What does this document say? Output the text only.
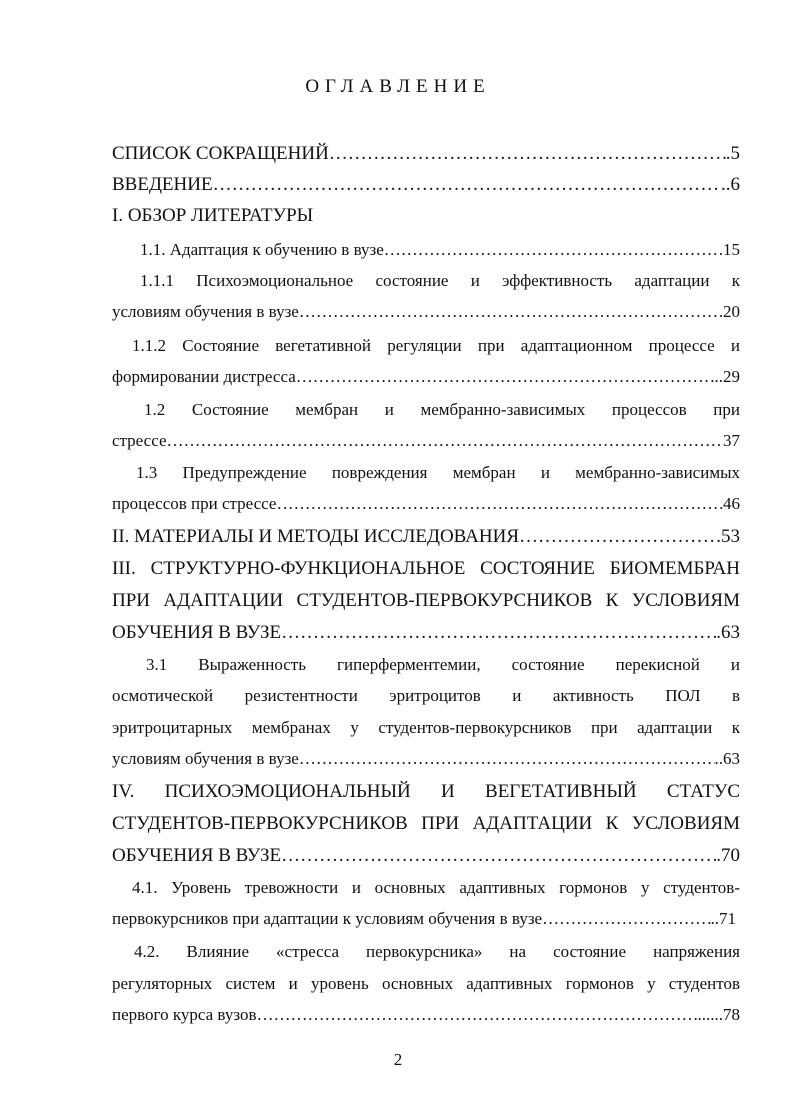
ОГЛАВЛЕНИЕ
СПИСОК СОКРАЩЕНИЙ …………………………………………………………………………………………………………………………………………	.5
ВВЕДЕНИЕ …………………………………………………………………………………………………………………………………………	..6
I. ОБЗОР ЛИТЕРАТУРЫ
1.1. Адаптация к обучению в вузе …………………………………………………………………………………………………………………………………………	15
1.1.1 Психоэмоциональное состояние и эффективность адаптации к
условиям обучения в вузе …………………………………………………………………………………………………………………………………………	20
1.1.2 Состояние вегетативной регуляции при адаптационном процессе и
формировании дистресса …………………………………………………………………………………………………………………………………………	...29
1.2 Состояние мембран и мембранно-зависимых процессов при
стрессе …………………………………………………………………………………………………………………………………………	37
1.3 Предупреждение повреждения мембран и мембранно-зависимых
процессов при стрессе …………………………………………………………………………………………………………………………………………	46
II. МАТЕРИАЛЫ И МЕТОДЫ ИССЛЕДОВАНИЯ …………………………………………………………………………………………………………………………………………	.53
III. СТРУКТУРНО-ФУНКЦИОНАЛЬНОЕ СОСТОЯНИЕ БИОМЕМБРАН
ПРИ АДАПТАЦИИ СТУДЕНТОВ-ПЕРВОКУРСНИКОВ К УСЛОВИЯМ
ОБУЧЕНИЯ В ВУЗЕ …………………………………………………………………………………………………………………………………………	.63
3.1 Выраженность гиперферментемии, состояние перекисной и
осмотической резистентности эритроцитов и активность ПОЛ в
эритроцитарных мембранах у студентов-первокурсников при адаптации к
условиям обучения в вузе …………………………………………………………………………………………………………………………………………	..63
IV. ПСИХОЭМОЦИОНАЛЬНЫЙ И ВЕГЕТАТИВНЫЙ СТАТУС
СТУДЕНТОВ-ПЕРВОКУРСНИКОВ ПРИ АДАПТАЦИИ К УСЛОВИЯМ
ОБУЧЕНИЯ В ВУЗЕ …………………………………………………………………………………………………………………………………………	.70
4.1. Уровень тревожности и основных адаптивных гормонов у студентов-
первокурсников при адаптации к условиям обучения в вузе …………………………………………………………………………………………………………………………………………	..71
4.2. Влияние «стресса первокурсника» на состояние напряжения
регуляторных систем и уровень основных адаптивных гормонов у студентов
первого курса вузов …………………………………………………………………………………………………………………………………………	......78
2
